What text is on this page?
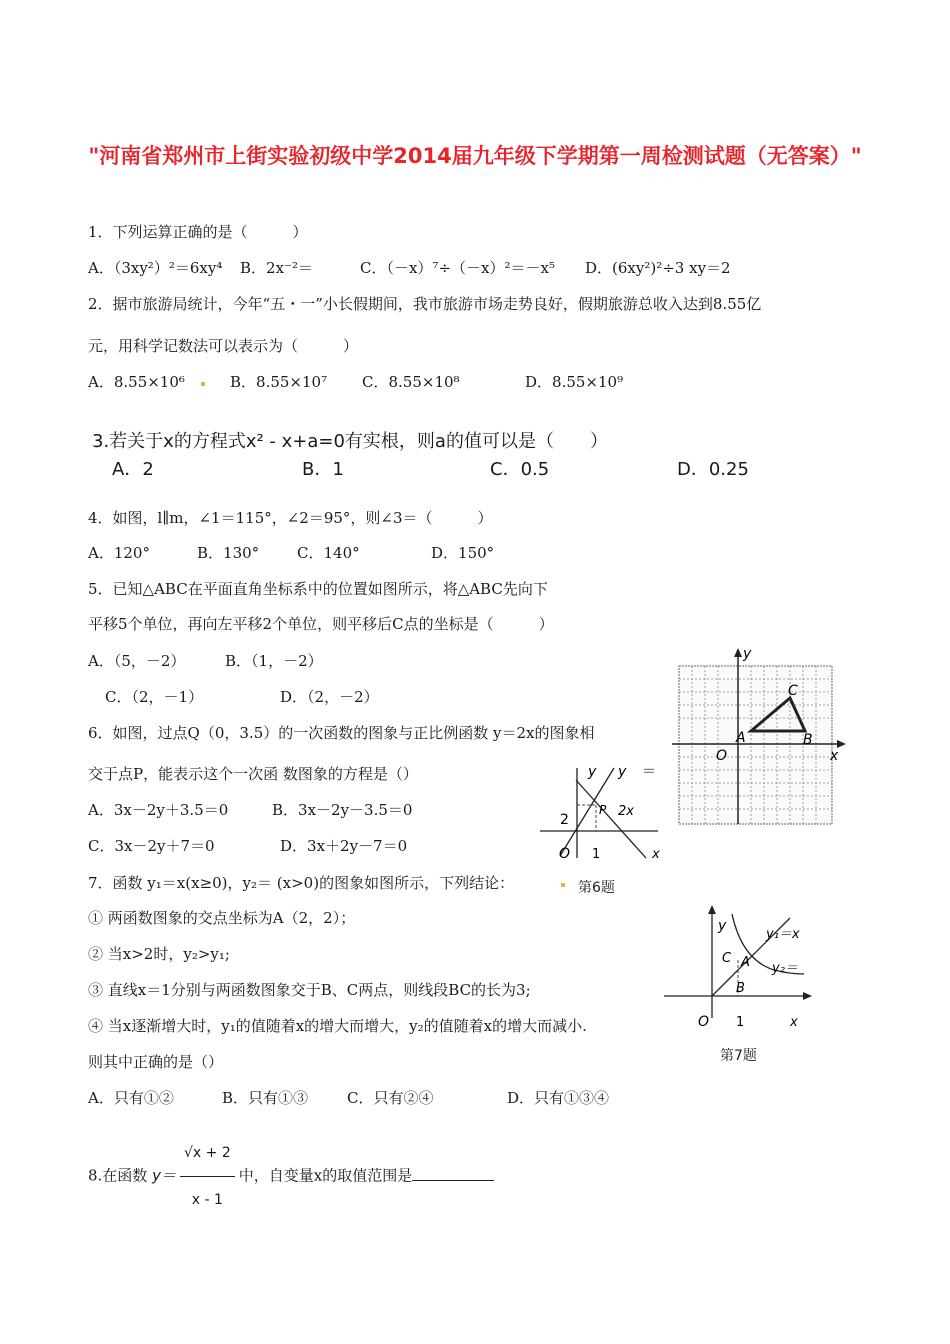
"河南省郑州市上街实验初级中学2014届九年级下学期第一周检测试题（无答案）"
1．下列运算正确的是（　　　）
A．（3xy²）²＝6xy⁴ B．2x⁻²＝	C．（－x）⁷÷（－x）²＝－x⁵ D．(6xy²)²÷3 xy＝2
2．据市旅游局统计，今年“五・一”小长假期间，我市旅游市场走势良好，假期旅游总收入达到8.55亿
元，用科学记数法可以表示为（　　　）
A．8.55×10⁶	B．8.55×10⁷ C．8.55×10⁸	D．8.55×10⁹
3.若关于x的方程式x² - x+a=0有实根，则a的值可以是（　　）
A．2	B．1	C．0.5	D．0.25
4．如图，l∥m，∠1＝115°，∠2＝95°，则∠3＝（　　　）
A．120°	B．130°	C．140°	D．150°
5．已知△ABC在平面直角坐标系中的位置如图所示，将△ABC先向下
平移5个单位，再向左平移2个单位，则平移后C点的坐标是（　　　）
A．（5，－2）	B．（1，－2）
C．（2，－1）	D．（2，－2）
y
x
O
A	B
C
6．如图，过点Q（0，3.5）的一次函数的图象与正比例函数 y＝2x的图象相
交于点P，能表示这个一次函 数图象的方程是（）
A．3x－2y＋3.5＝0	B．3x－2y－3.5＝0
C．3x－2y＋7＝0	D．3x＋2y－7＝0
y y ＝
2
P 2x
O 1	x
7．函数 y₁＝x(x≥0)，y₂＝ (x>0)的图象如图所示，下列结论：	第6题
① 两函数图象的交点坐标为A（2，2）；
② 当x>2时，y₂>y₁;
③ 直线x＝1分别与两函数图象交于B、C两点，则线段BC的长为3;
④ 当x逐渐增大时，y₁的值随着x的增大而增大，y₂的值随着x的增大而减小.
则其中正确的是（）
A．只有①②	B．只有①③	C．只有②④	D．只有①③④
y
y₁＝x
y₂＝
C A
B
O 1	x
第7题
8.在函数 $y= \frac{√x + 2}{x - 1}$ 中，自变量x的取值范围是
